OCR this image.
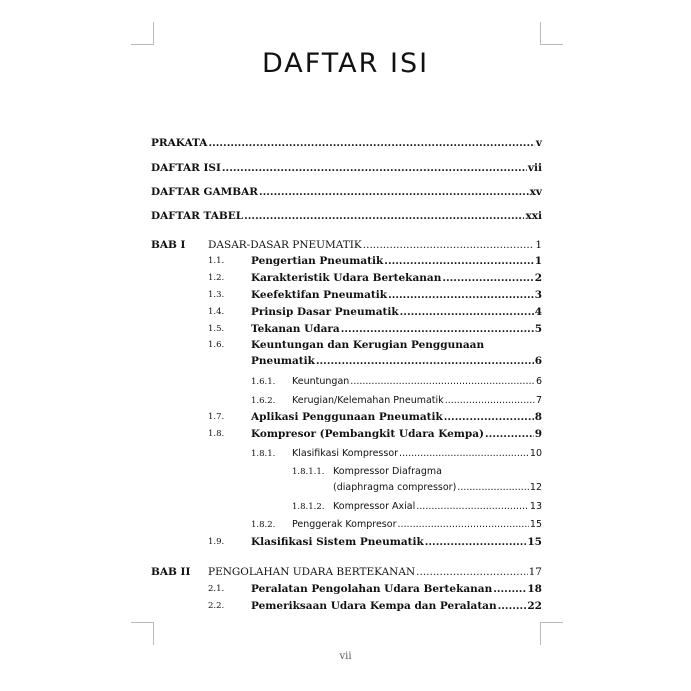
DAFTAR ISI
PRAKATA .....	v
DAFTAR ISI .....	vii
DAFTAR GAMBAR .....	xv
DAFTAR TABEL .....	xxi
BAB I DASAR-DASAR PNEUMATIK .....	1
1.1.	Pengertian Pneumatik .....	1
1.2.	Karakteristik Udara Bertekanan .....	2
1.3.	Keefektifan Pneumatik .....	3
1.4.	Prinsip Dasar Pneumatik .....	4
1.5.	Tekanan Udara .....	5
1.6.	Keuntungan dan Kerugian Penggunaan
Pneumatik .....	6
1.6.1. Keuntungan .....	6
1.6.2. Kerugian/Kelemahan Pneumatik .....	7
1.7.	Aplikasi Penggunaan Pneumatik .....	8
1.8.	Kompresor (Pembangkit Udara Kempa) .....	9
1.8.1. Klasifikasi Kompressor .....	10
1.8.1.1. Kompressor Diafragma
(diaphragma compressor) .....	12
1.8.1.2. Kompressor Axial .....	13
1.8.2. Penggerak Kompresor .....	15
1.9.	Klasifikasi Sistem Pneumatik .....	15
BAB II PENGOLAHAN UDARA BERTEKANAN .....	17
2.1.	Peralatan Pengolahan Udara Bertekanan .....	18
2.2.	Pemeriksaan Udara Kempa dan Peralatan .....	22
vii
